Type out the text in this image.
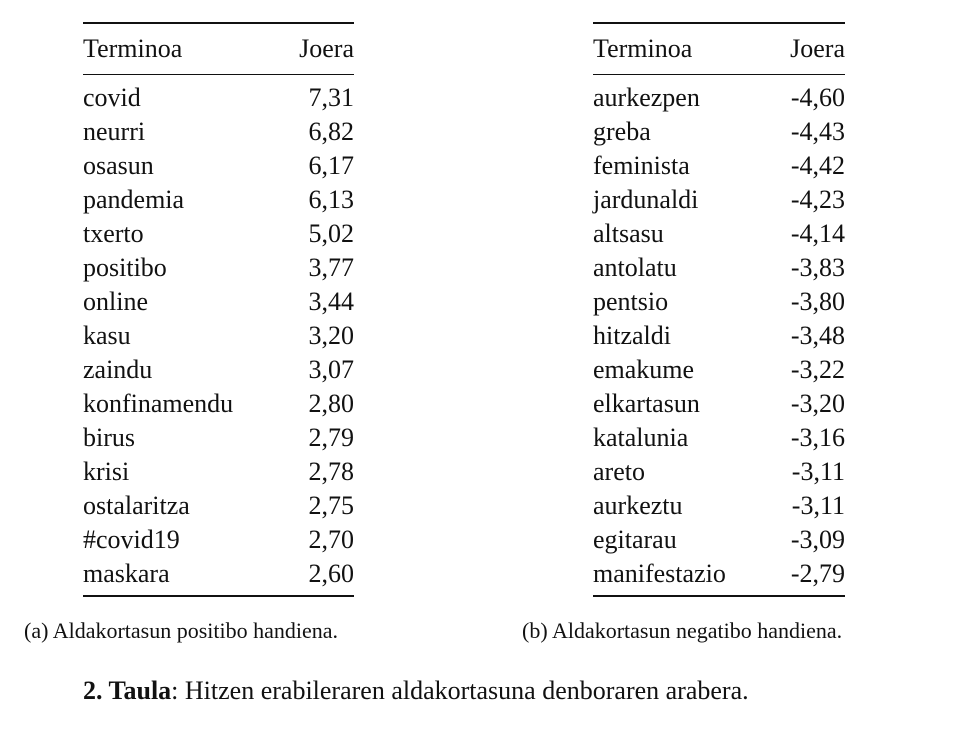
Terminoa	Joera
covid	7,31
neurri	6,82
osasun	6,17
pandemia	6,13
txerto	5,02
positibo	3,77
online	3,44
kasu	3,20
zaindu	3,07
konfinamendu	2,80
birus	2,79
krisi	2,78
ostalaritza	2,75
#covid19	2,70
maskara	2,60
Terminoa	Joera
aurkezpen	-4,60
greba	-4,43
feminista	-4,42
jardunaldi	-4,23
altsasu	-4,14
antolatu	-3,83
pentsio	-3,80
hitzaldi	-3,48
emakume	-3,22
elkartasun	-3,20
katalunia	-3,16
areto	-3,11
aurkeztu	-3,11
egitarau	-3,09
manifestazio	-2,79
(a) Aldakortasun positibo handiena.	(b) Aldakortasun negatibo handiena.
2. Taula: Hitzen erabileraren aldakortasuna denboraren arabera.
